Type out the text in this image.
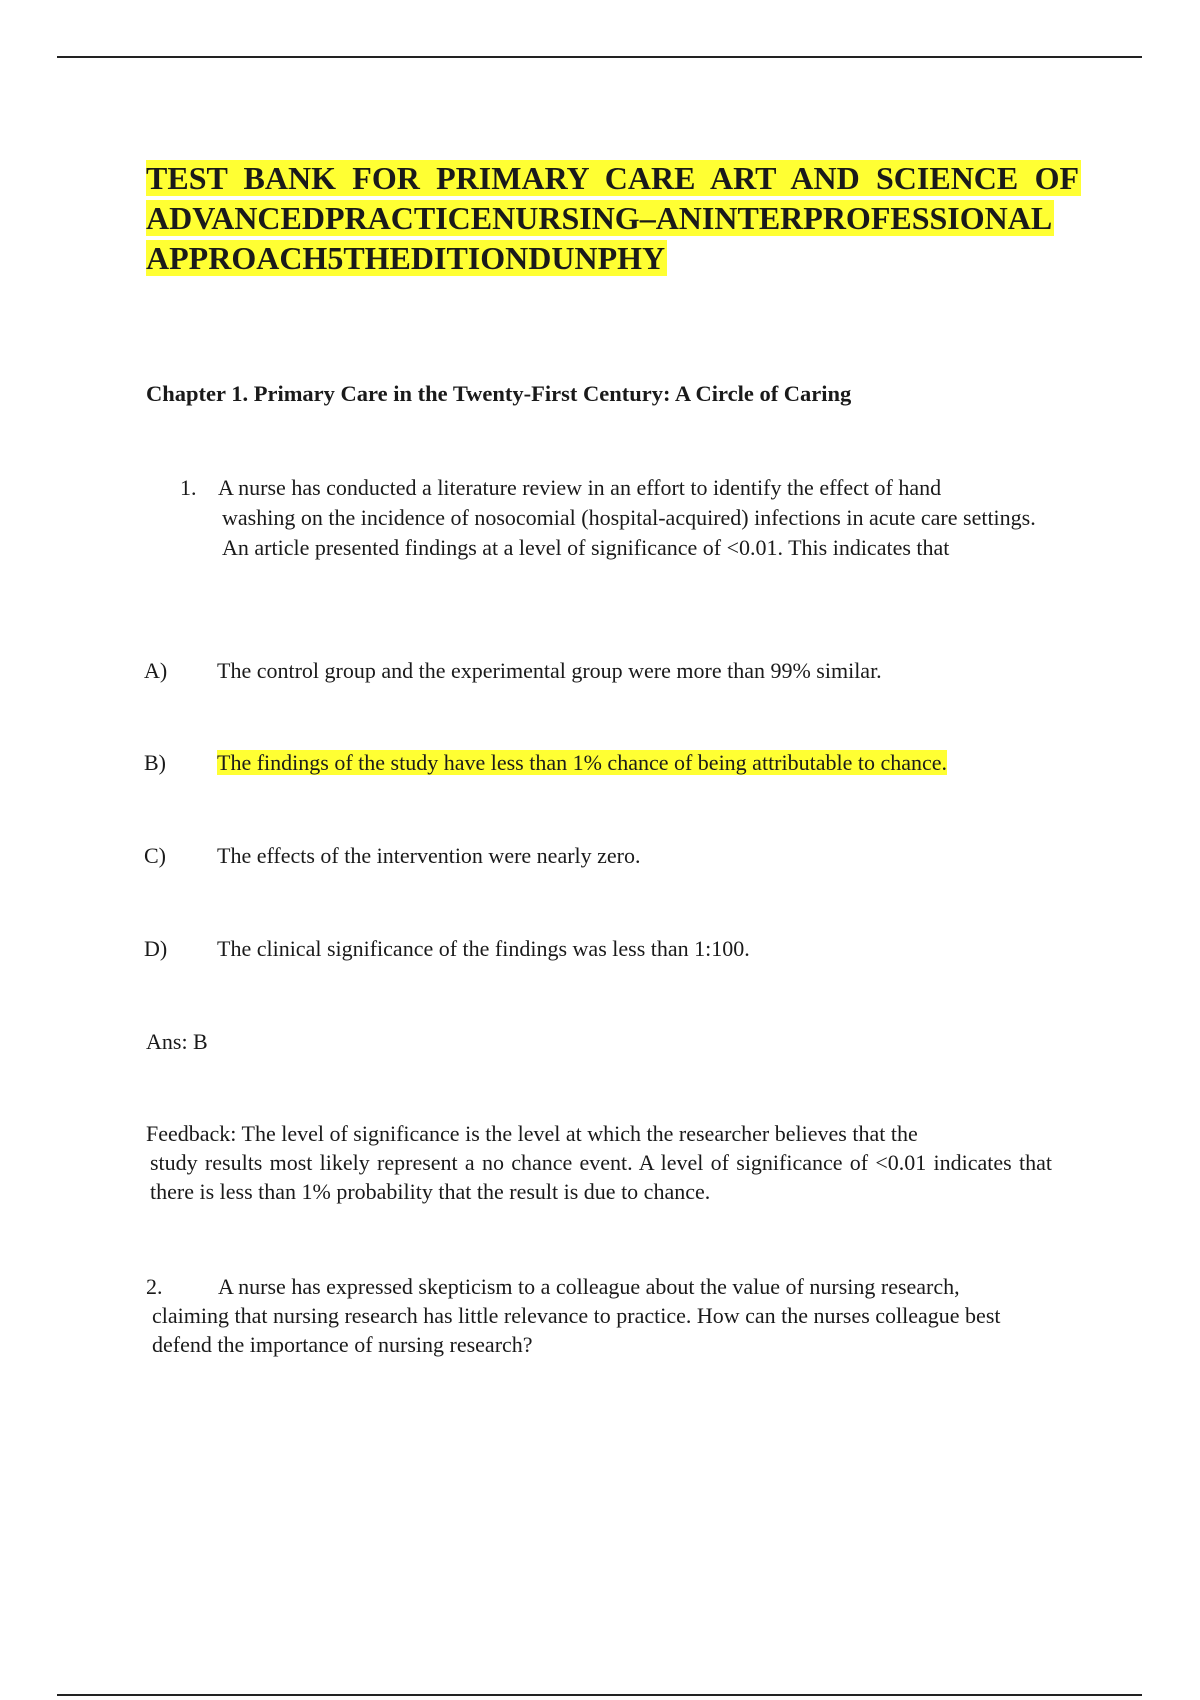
TEST BANK FOR PRIMARY CARE ART AND SCIENCE OF
ADVANCEDPRACTICENURSING–ANINTERPROFESSIONAL
APPROACH5THEDITIONDUNPHY
Chapter 1. Primary Care in the Twenty-First Century: A Circle of Caring
1. A nurse has conducted a literature review in an effort to identify the effect of hand
washing on the incidence of nosocomial (hospital-acquired) infections in acute care settings. An article presented findings at a level of significance of <0.01. This indicates that
A) The control group and the experimental group were more than 99% similar.
B) The findings of the study have less than 1% chance of being attributable to chance.
C) The effects of the intervention were nearly zero.
D) The clinical significance of the findings was less than 1:100.
Ans: B
Feedback: The level of significance is the level at which the researcher believes that the
study results most likely represent a no chance event. A level of significance of <0.01 indicates that there is less than 1% probability that the result is due to chance.
2.	A nurse has expressed skepticism to a colleague about the value of nursing research,
claiming that nursing research has little relevance to practice. How can the nurses colleague best defend the importance of nursing research?
